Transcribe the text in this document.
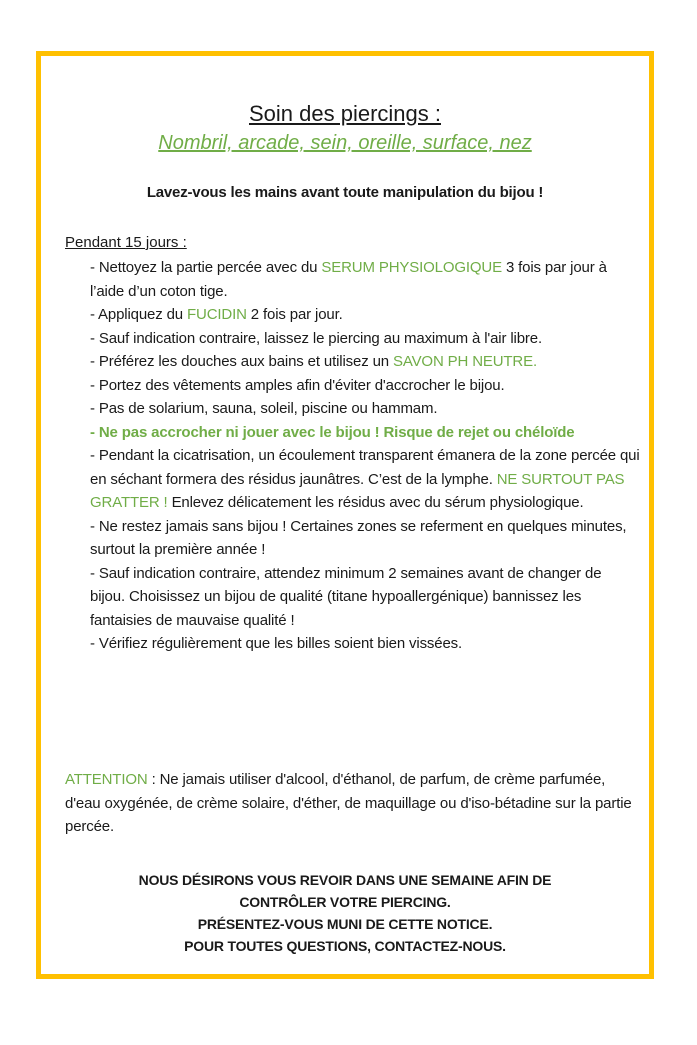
Soin des piercings :
Nombril, arcade, sein, oreille, surface, nez
Lavez-vous les mains avant toute manipulation du bijou !
Pendant 15 jours :

- Nettoyez la partie percée avec du SERUM PHYSIOLOGIQUE 3 fois par jour à l’aide d’un coton tige.

- Appliquez du FUCIDIN 2 fois par jour.

- Sauf indication contraire, laissez le piercing au maximum à l'air libre.

- Préférez les douches aux bains et utilisez un SAVON PH NEUTRE.

- Portez des vêtements amples afin d'éviter d'accrocher le bijou.

- Pas de solarium, sauna, soleil, piscine ou hammam.

- Ne pas accrocher ni jouer avec le bijou ! Risque de rejet ou chéloïde

- Pendant la cicatrisation, un écoulement transparent émanera de la zone percée qui en séchant formera des résidus jaunâtres. C’est de la lymphe. NE SURTOUT PAS GRATTER ! Enlevez délicatement les résidus avec du sérum physiologique.

- Ne restez jamais sans bijou ! Certaines zones se referment en quelques minutes, surtout la première année !

- Sauf indication contraire, attendez minimum 2 semaines avant de changer de bijou. Choisissez un bijou de qualité (titane hypoallergénique) bannissez les fantaisies de mauvaise qualité !

- Vérifiez régulièrement que les billes soient bien vissées.

ATTENTION : Ne jamais utiliser d'alcool, d'éthanol, de parfum, de crème parfumée, d'eau oxygénée, de crème solaire, d'éther, de maquillage ou d'iso-bétadine sur la partie percée.
NOUS DÉSIRONS VOUS REVOIR DANS UNE SEMAINE AFIN DE
CONTRÔLER VOTRE PIERCING.
PRÉSENTEZ-VOUS MUNI DE CETTE NOTICE.
POUR TOUTES QUESTIONS, CONTACTEZ-NOUS.
